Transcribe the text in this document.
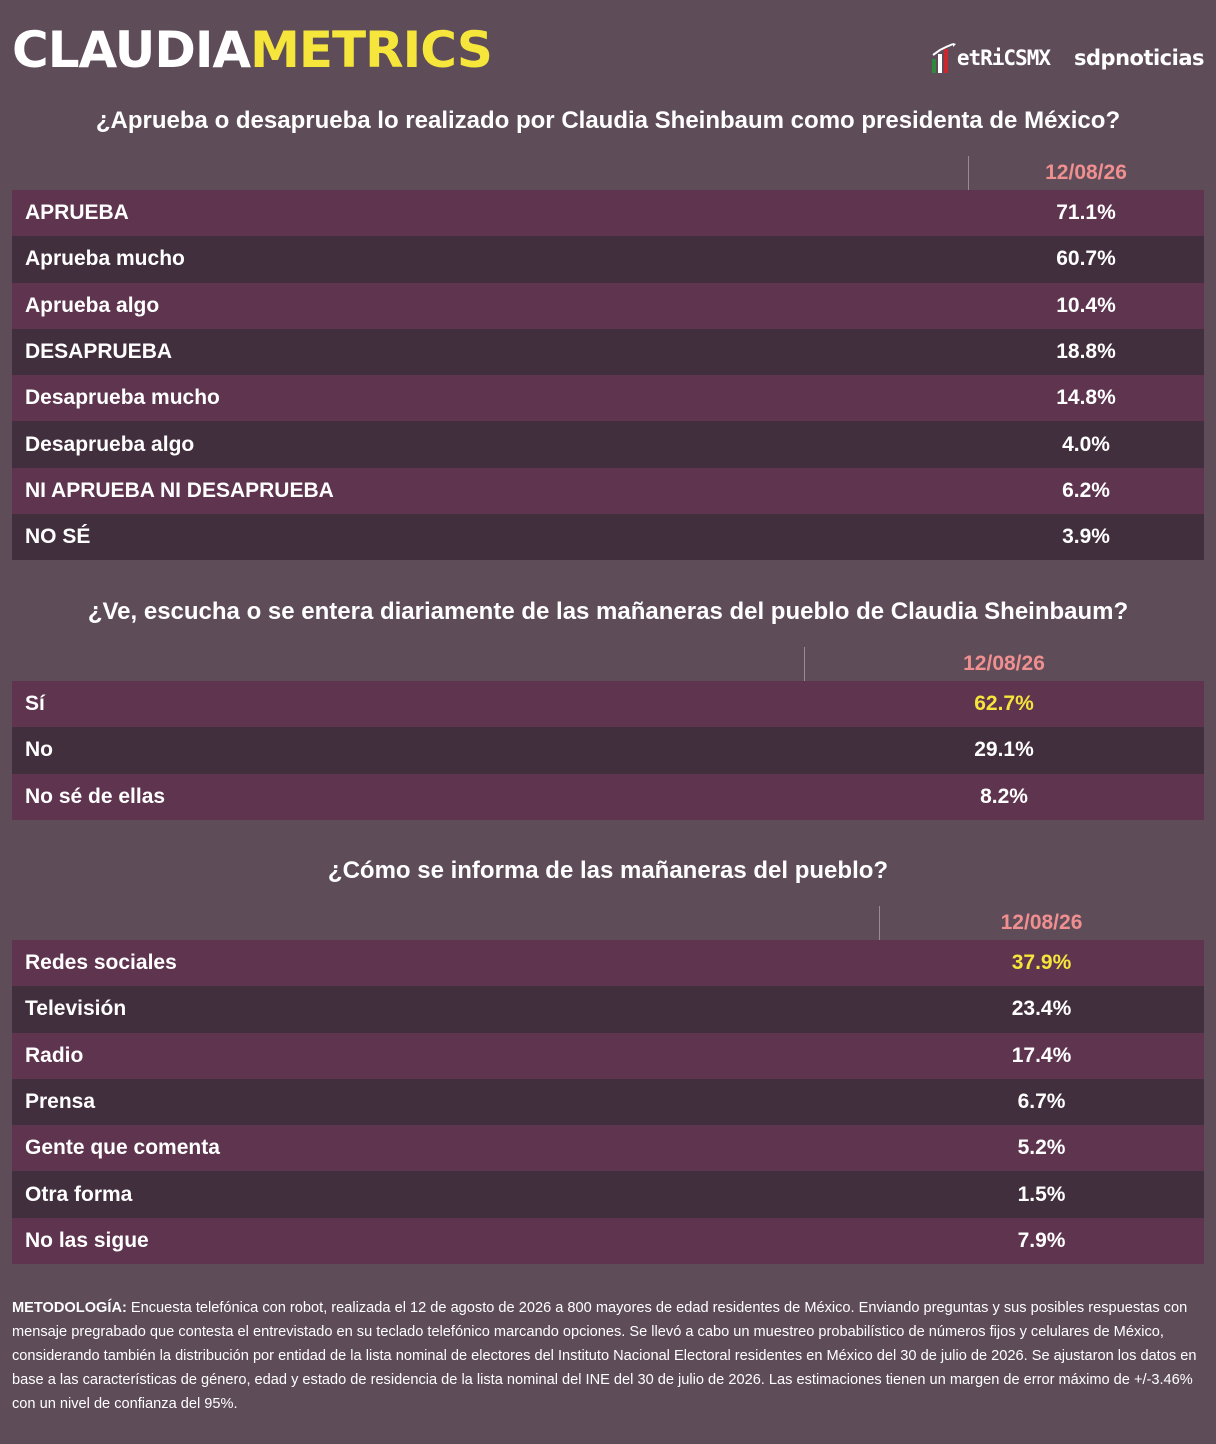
CLAUDIAMETRICS	etRiCSMX sdpnoticias
¿Aprueba o desaprueba lo realizado por Claudia Sheinbaum como presidenta de México?
12/08/26
APRUEBA	71.1%
Aprueba mucho	60.7%
Aprueba algo	10.4%
DESAPRUEBA	18.8%
Desaprueba mucho	14.8%
Desaprueba algo	4.0%
NI APRUEBA NI DESAPRUEBA	6.2%
NO SÉ	3.9%
¿Ve, escucha o se entera diariamente de las mañaneras del pueblo de Claudia Sheinbaum?
12/08/26
Sí	62.7%
No	29.1%
No sé de ellas	8.2%
¿Cómo se informa de las mañaneras del pueblo?
12/08/26
Redes sociales	37.9%
Televisión	23.4%
Radio	17.4%
Prensa	6.7%
Gente que comenta	5.2%
Otra forma	1.5%
No las sigue	7.9%
METODOLOGÍA: Encuesta telefónica con robot, realizada el 12 de agosto de 2026 a 800 mayores de edad residentes de México. Enviando preguntas y sus posibles respuestas con mensaje pregrabado que contesta el entrevistado en su teclado telefónico marcando opciones. Se llevó a cabo un muestreo probabilístico de números fijos y celulares de México, considerando también la distribución por entidad de la lista nominal de electores del Instituto Nacional Electoral residentes en México del 30 de julio de 2026. Se ajustaron los datos en base a las características de género, edad y estado de residencia de la lista nominal del INE del 30 de julio de 2026. Las estimaciones tienen un margen de error máximo de +/-3.46% con un nivel de confianza del 95%.
